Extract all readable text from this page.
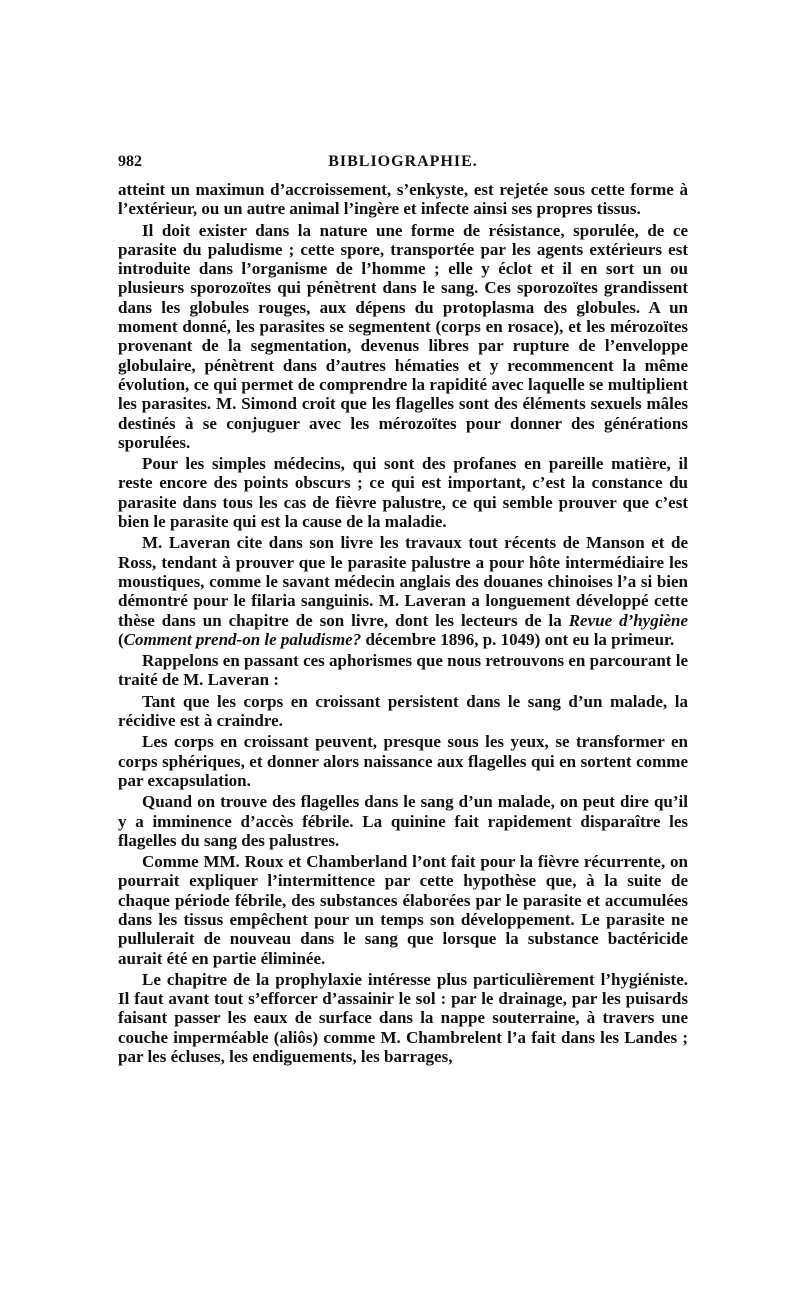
982	BIBLIOGRAPHIE.

atteint un maximun d’accroissement, s’enkyste, est rejetée sous cette forme à l’extérieur, ou un autre animal l’ingère et infecte ainsi ses propres tissus.

Il doit exister dans la nature une forme de résistance, sporulée, de ce parasite du paludisme ; cette spore, transportée par les agents extérieurs est introduite dans l’organisme de l’homme ; elle y éclot et il en sort un ou plusieurs sporozoïtes qui pénètrent dans le sang. Ces sporozoïtes grandissent dans les globules rouges, aux dépens du protoplasma des globules. A un moment donné, les parasites se segmentent (corps en rosace), et les mérozoïtes provenant de la segmentation, devenus libres par rupture de l’enveloppe globulaire, pénètrent dans d’autres hématies et y recommencent la même évolution, ce qui permet de comprendre la rapidité avec laquelle se multiplient les parasites. M. Simond croit que les flagelles sont des éléments sexuels mâles destinés à se conjuguer avec les mérozoïtes pour donner des générations sporulées.

Pour les simples médecins, qui sont des profanes en pareille matière, il reste encore des points obscurs ; ce qui est important, c’est la constance du parasite dans tous les cas de fièvre palustre, ce qui semble prouver que c’est bien le parasite qui est la cause de la maladie.

M. Laveran cite dans son livre les travaux tout récents de Manson et de Ross, tendant à prouver que le parasite palustre a pour hôte intermédiaire les moustiques, comme le savant médecin anglais des douanes chinoises l’a si bien démontré pour le filaria sanguinis. M. Laveran a longuement développé cette thèse dans un chapitre de son livre, dont les lecteurs de la Revue d’hygiène (Comment prend-on le paludisme? décembre 1896, p. 1049) ont eu la primeur.

Rappelons en passant ces aphorismes que nous retrouvons en parcourant le traité de M. Laveran :

Tant que les corps en croissant persistent dans le sang d’un malade, la récidive est à craindre.

Les corps en croissant peuvent, presque sous les yeux, se transformer en corps sphériques, et donner alors naissance aux flagelles qui en sortent comme par excapsulation.

Quand on trouve des flagelles dans le sang d’un malade, on peut dire qu’il y a imminence d’accès fébrile. La quinine fait rapidement disparaître les flagelles du sang des palustres.

Comme MM. Roux et Chamberland l’ont fait pour la fièvre récurrente, on pourrait expliquer l’intermittence par cette hypothèse que, à la suite de chaque période fébrile, des substances élaborées par le parasite et accumulées dans les tissus empêchent pour un temps son développement. Le parasite ne pullulerait de nouveau dans le sang que lorsque la substance bactéricide aurait été en partie éliminée.

Le chapitre de la prophylaxie intéresse plus particulièrement l’hygiéniste. Il faut avant tout s’efforcer d’assainir le sol : par le drainage, par les puisards faisant passer les eaux de surface dans la nappe souterraine, à travers une couche imperméable (aliôs) comme M. Chambrelent l’a fait dans les Landes ; par les écluses, les endiguements, les barrages,
